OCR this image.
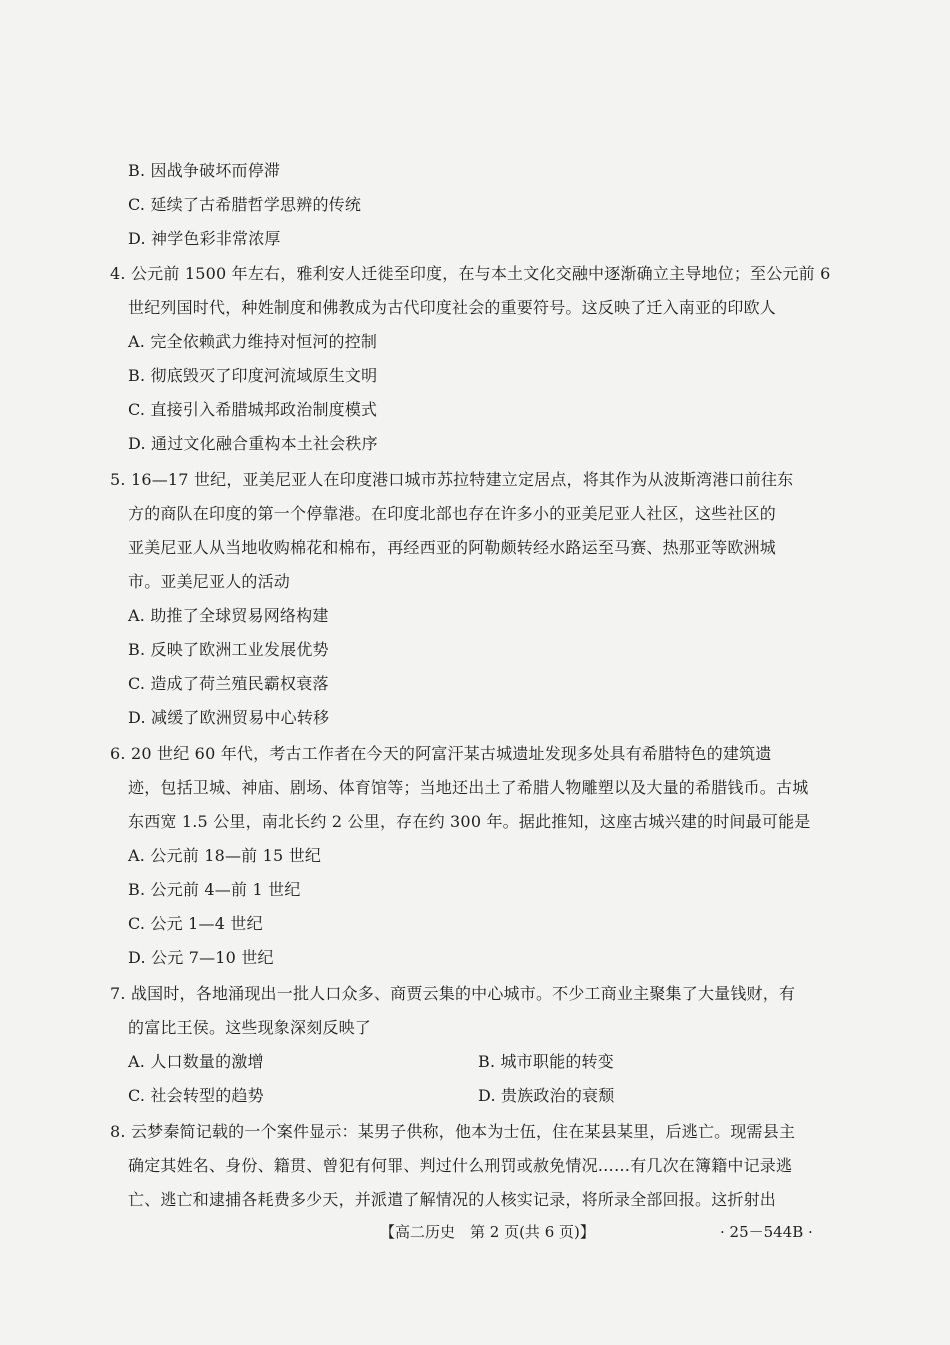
B. 因战争破坏而停滞
C. 延续了古希腊哲学思辨的传统
D. 神学色彩非常浓厚
4. 公元前 1500 年左右，雅利安人迁徙至印度，在与本土文化交融中逐渐确立主导地位；至公元前 6
世纪列国时代，种姓制度和佛教成为古代印度社会的重要符号。这反映了迁入南亚的印欧人
A. 完全依赖武力维持对恒河的控制
B. 彻底毁灭了印度河流域原生文明
C. 直接引入希腊城邦政治制度模式
D. 通过文化融合重构本土社会秩序
5. 16—17 世纪，亚美尼亚人在印度港口城市苏拉特建立定居点，将其作为从波斯湾港口前往东
方的商队在印度的第一个停靠港。在印度北部也存在许多小的亚美尼亚人社区，这些社区的
亚美尼亚人从当地收购棉花和棉布，再经西亚的阿勒颇转经水路运至马赛、热那亚等欧洲城
市。亚美尼亚人的活动
A. 助推了全球贸易网络构建
B. 反映了欧洲工业发展优势
C. 造成了荷兰殖民霸权衰落
D. 减缓了欧洲贸易中心转移
6. 20 世纪 60 年代，考古工作者在今天的阿富汗某古城遗址发现多处具有希腊特色的建筑遗
迹，包括卫城、神庙、剧场、体育馆等；当地还出土了希腊人物雕塑以及大量的希腊钱币。古城
东西宽 1.5 公里，南北长约 2 公里，存在约 300 年。据此推知，这座古城兴建的时间最可能是
A. 公元前 18—前 15 世纪
B. 公元前 4—前 1 世纪
C. 公元 1—4 世纪
D. 公元 7—10 世纪
7. 战国时，各地涌现出一批人口众多、商贾云集的中心城市。不少工商业主聚集了大量钱财，有
的富比王侯。这些现象深刻反映了
A. 人口数量的激增	B. 城市职能的转变
C. 社会转型的趋势	D. 贵族政治的衰颓
8. 云梦秦简记载的一个案件显示：某男子供称，他本为士伍，住在某县某里，后逃亡。现需县主
确定其姓名、身份、籍贯、曾犯有何罪、判过什么刑罚或赦免情况……有几次在簿籍中记录逃
亡、逃亡和逮捕各耗费多少天，并派遣了解情况的人核实记录，将所录全部回报。这折射出
【高二历史　第 2 页(共 6 页)】	· 25－544B ·
